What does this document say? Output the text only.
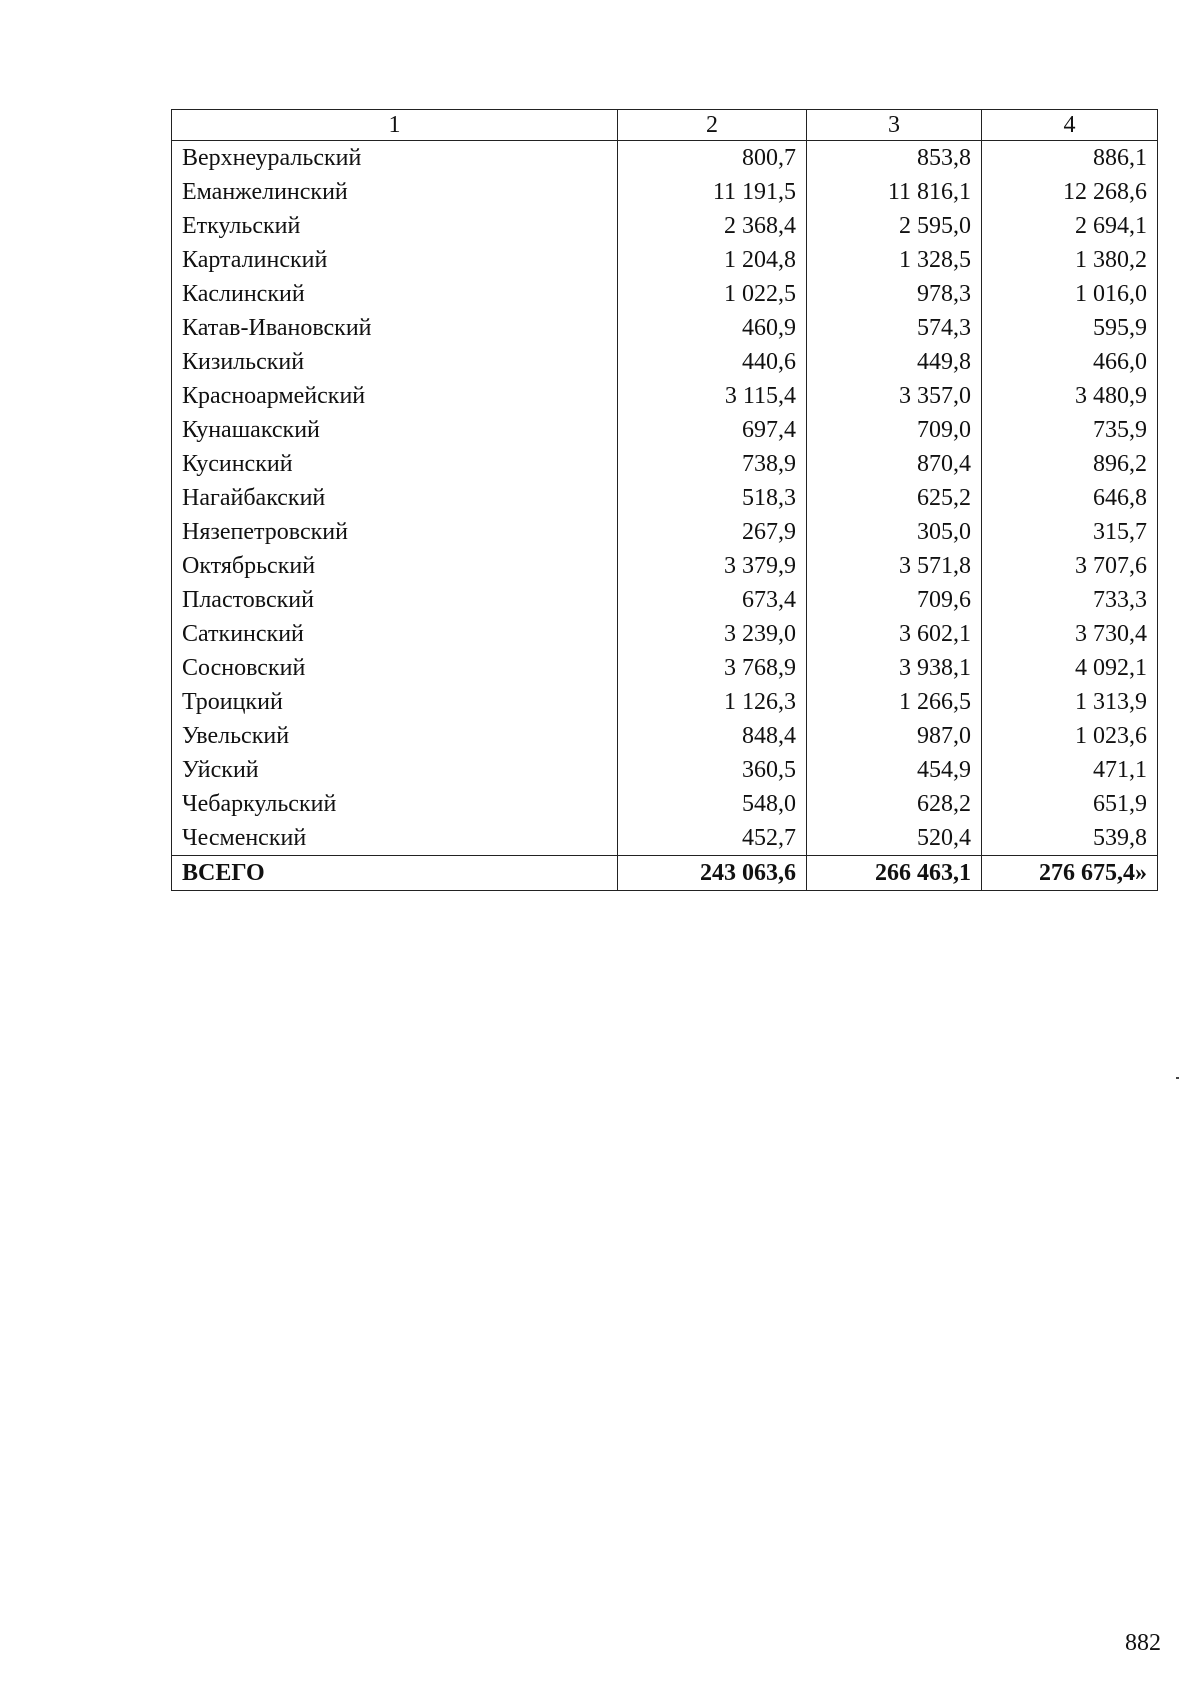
1	2	3	4
Верхнеуральский	800,7	853,8	886,1
Еманжелинский	11 191,5	11 816,1	12 268,6
Еткульский	2 368,4	2 595,0	2 694,1
Карталинский	1 204,8	1 328,5	1 380,2
Каслинский	1 022,5	978,3	1 016,0
Катав-Ивановский	460,9	574,3	595,9
Кизильский	440,6	449,8	466,0
Красноармейский	3 115,4	3 357,0	3 480,9
Кунашакский	697,4	709,0	735,9
Кусинский	738,9	870,4	896,2
Нагайбакский	518,3	625,2	646,8
Нязепетровский	267,9	305,0	315,7
Октябрьский	3 379,9	3 571,8	3 707,6
Пластовский	673,4	709,6	733,3
Саткинский	3 239,0	3 602,1	3 730,4
Сосновский	3 768,9	3 938,1	4 092,1
Троицкий	1 126,3	1 266,5	1 313,9
Увельский	848,4	987,0	1 023,6
Уйский	360,5	454,9	471,1
Чебаркульский	548,0	628,2	651,9
Чесменский	452,7	520,4	539,8
ВСЕГО	243 063,6	266 463,1	276 675,4»
882
